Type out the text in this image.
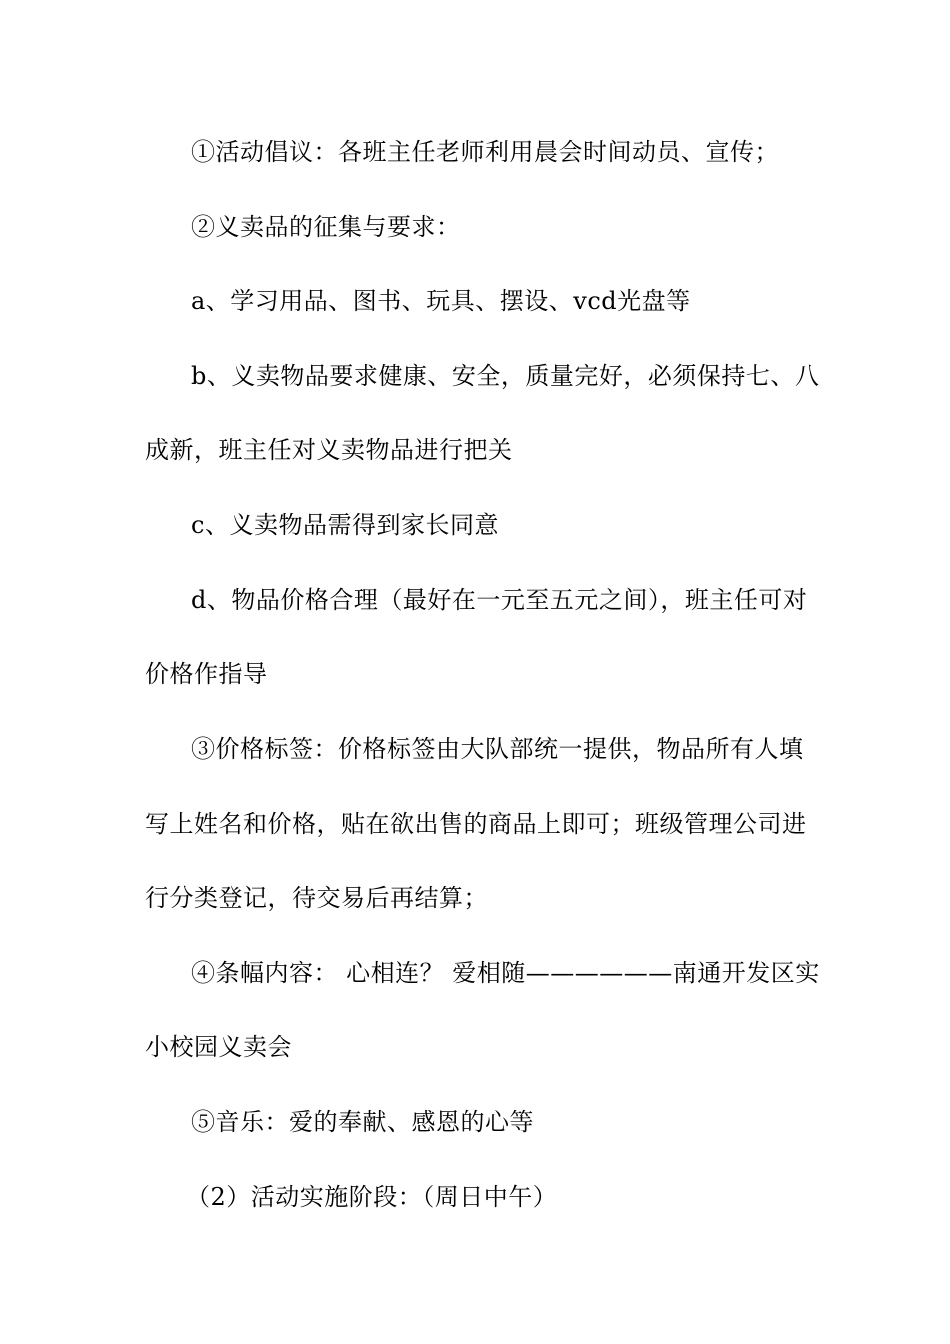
①活动倡议：各班主任老师利用晨会时间动员、宣传；
②义卖品的征集与要求：
a、学习用品、图书、玩具、摆设、vcd光盘等
b、义卖物品要求健康、安全，质量完好，必须保持七、八
成新，班主任对义卖物品进行把关
c、义卖物品需得到家长同意
d、物品价格合理（最好在一元至五元之间），班主任可对
价格作指导
③价格标签：价格标签由大队部统一提供，物品所有人填
写上姓名和价格，贴在欲出售的商品上即可；班级管理公司进
行分类登记，待交易后再结算；
④条幅内容： 心相连？ 爱相随——————南通开发区实
小校园义卖会
⑤音乐：爱的奉献、感恩的心等
（2）活动实施阶段：（周日中午）
